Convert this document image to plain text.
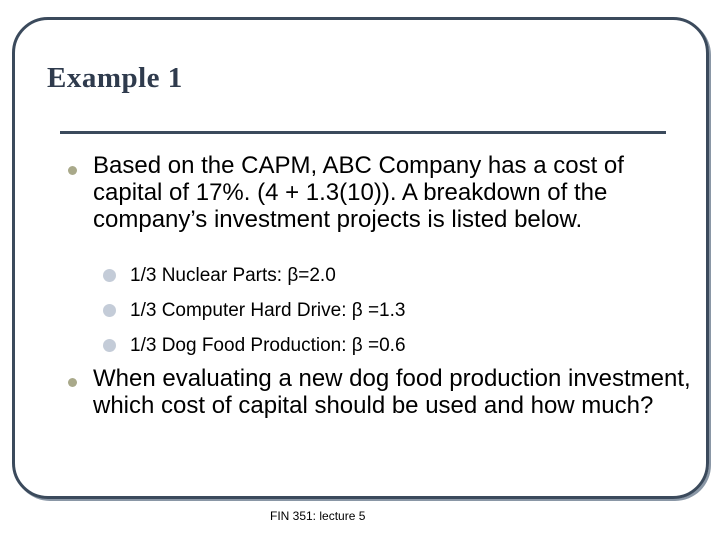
Example 1

Based on the CAPM, ABC Company has a cost of capital of 17%. (4 + 1.3(10)). A breakdown of the company’s investment projects is listed below.

1/3 Nuclear Parts: β=2.0
1/3 Computer Hard Drive: β =1.3
1/3 Dog Food Production: β =0.6

When evaluating a new dog food production investment, which cost of capital should be used and how much?

FIN 351: lecture 5
